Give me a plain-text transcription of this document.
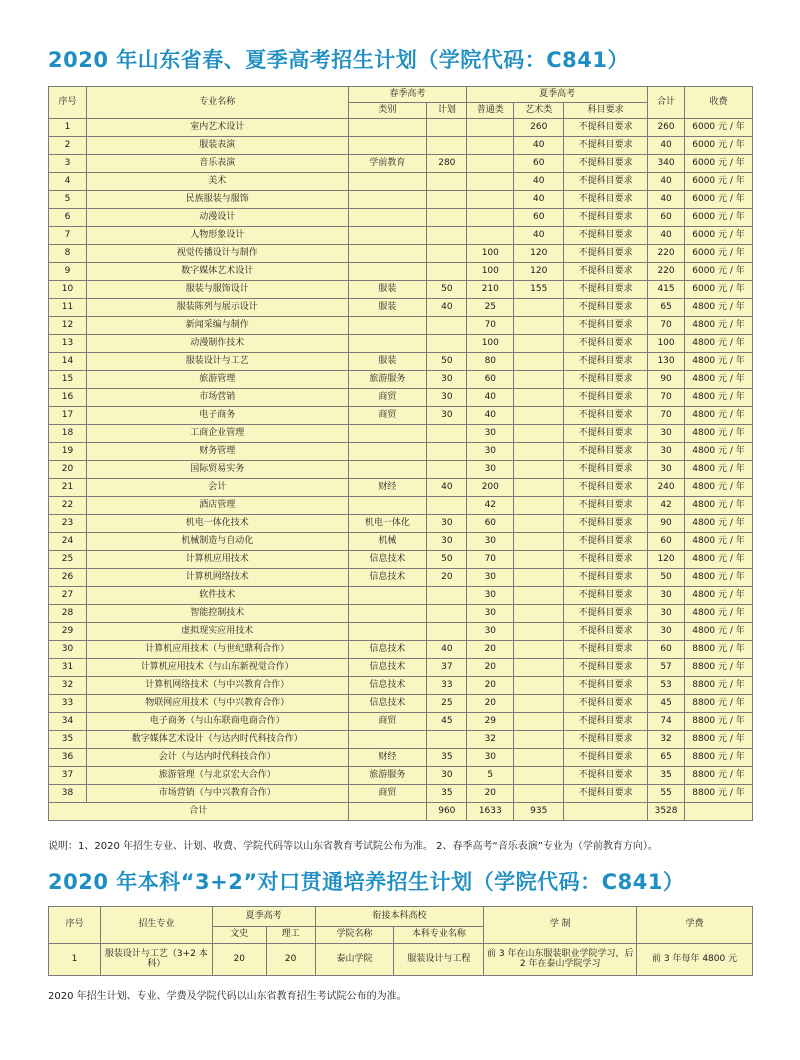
2020 年山东省春、夏季高考招生计划（学院代码：C841）
序号	专业名称	春季高考		夏季高考			合计	收费
		类别	计划	普通类	艺术类	科目要求		
1	室内艺术设计				260	不提科目要求	260	6000 元 / 年
2	服装表演				40	不提科目要求	40	6000 元 / 年
3	音乐表演	学前教育	280		60	不提科目要求	340	6000 元 / 年
4	美术				40	不提科目要求	40	6000 元 / 年
5	民族服装与服饰				40	不提科目要求	40	6000 元 / 年
6	动漫设计				60	不提科目要求	60	6000 元 / 年
7	人物形象设计				40	不提科目要求	40	6000 元 / 年
8	视觉传播设计与制作			100	120	不提科目要求	220	6000 元 / 年
9	数字媒体艺术设计			100	120	不提科目要求	220	6000 元 / 年
10	服装与服饰设计	服装	50	210	155	不提科目要求	415	6000 元 / 年
11	服装陈列与展示设计	服装	40	25		不提科目要求	65	4800 元 / 年
12	新闻采编与制作			70		不提科目要求	70	4800 元 / 年
13	动漫制作技术			100		不提科目要求	100	4800 元 / 年
14	服装设计与工艺	服装	50	80		不提科目要求	130	4800 元 / 年
15	旅游管理	旅游服务	30	60		不提科目要求	90	4800 元 / 年
16	市场营销	商贸	30	40		不提科目要求	70	4800 元 / 年
17	电子商务	商贸	30	40		不提科目要求	70	4800 元 / 年
18	工商企业管理			30		不提科目要求	30	4800 元 / 年
19	财务管理			30		不提科目要求	30	4800 元 / 年
20	国际贸易实务			30		不提科目要求	30	4800 元 / 年
21	会计	财经	40	200		不提科目要求	240	4800 元 / 年
22	酒店管理			42		不提科目要求	42	4800 元 / 年
23	机电一体化技术	机电一体化	30	60		不提科目要求	90	4800 元 / 年
24	机械制造与自动化	机械	30	30		不提科目要求	60	4800 元 / 年
25	计算机应用技术	信息技术	50	70		不提科目要求	120	4800 元 / 年
26	计算机网络技术	信息技术	20	30		不提科目要求	50	4800 元 / 年
27	软件技术			30		不提科目要求	30	4800 元 / 年
28	智能控制技术			30		不提科目要求	30	4800 元 / 年
29	虚拟现实应用技术			30		不提科目要求	30	4800 元 / 年
30	计算机应用技术（与世纪鼎利合作）	信息技术	40	20		不提科目要求	60	8800 元 / 年
31	计算机应用技术（与山东新视觉合作）	信息技术	37	20		不提科目要求	57	8800 元 / 年
32	计算机网络技术（与中兴教育合作）	信息技术	33	20		不提科目要求	53	8800 元 / 年
33	物联网应用技术（与中兴教育合作）	信息技术	25	20		不提科目要求	45	8800 元 / 年
34	电子商务（与山东联商电商合作）	商贸	45	29		不提科目要求	74	8800 元 / 年
35	数字媒体艺术设计（与达内时代科技合作）			32		不提科目要求	32	8800 元 / 年
36	会计（与达内时代科技合作）	财经	35	30		不提科目要求	65	8800 元 / 年
37	旅游管理（与北京宏大合作）	旅游服务	30	5		不提科目要求	35	8800 元 / 年
38	市场营销（与中兴教育合作）	商贸	35	20		不提科目要求	55	8800 元 / 年
合计			960	1633	935		3528	
说明：1、2020 年招生专业、计划、收费、学院代码等以山东省教育考试院公布为准。 2、春季高考“音乐表演”专业为（学前教育方向）。
2020 年本科“3+2”对口贯通培养招生计划（学院代码：C841）
序号	招生专业	夏季高考		衔接本科高校		学 制	学费
		文史	理工	学院名称	本科专业名称		
1	服装设计与工艺（3+2 本科）	20	20	泰山学院	服装设计与工程	前 3 年在山东服装职业学院学习，后 2 年在泰山学院学习	前 3 年每年 4800 元
2020 年招生计划、专业、学费及学院代码以山东省教育招生考试院公布的为准。
